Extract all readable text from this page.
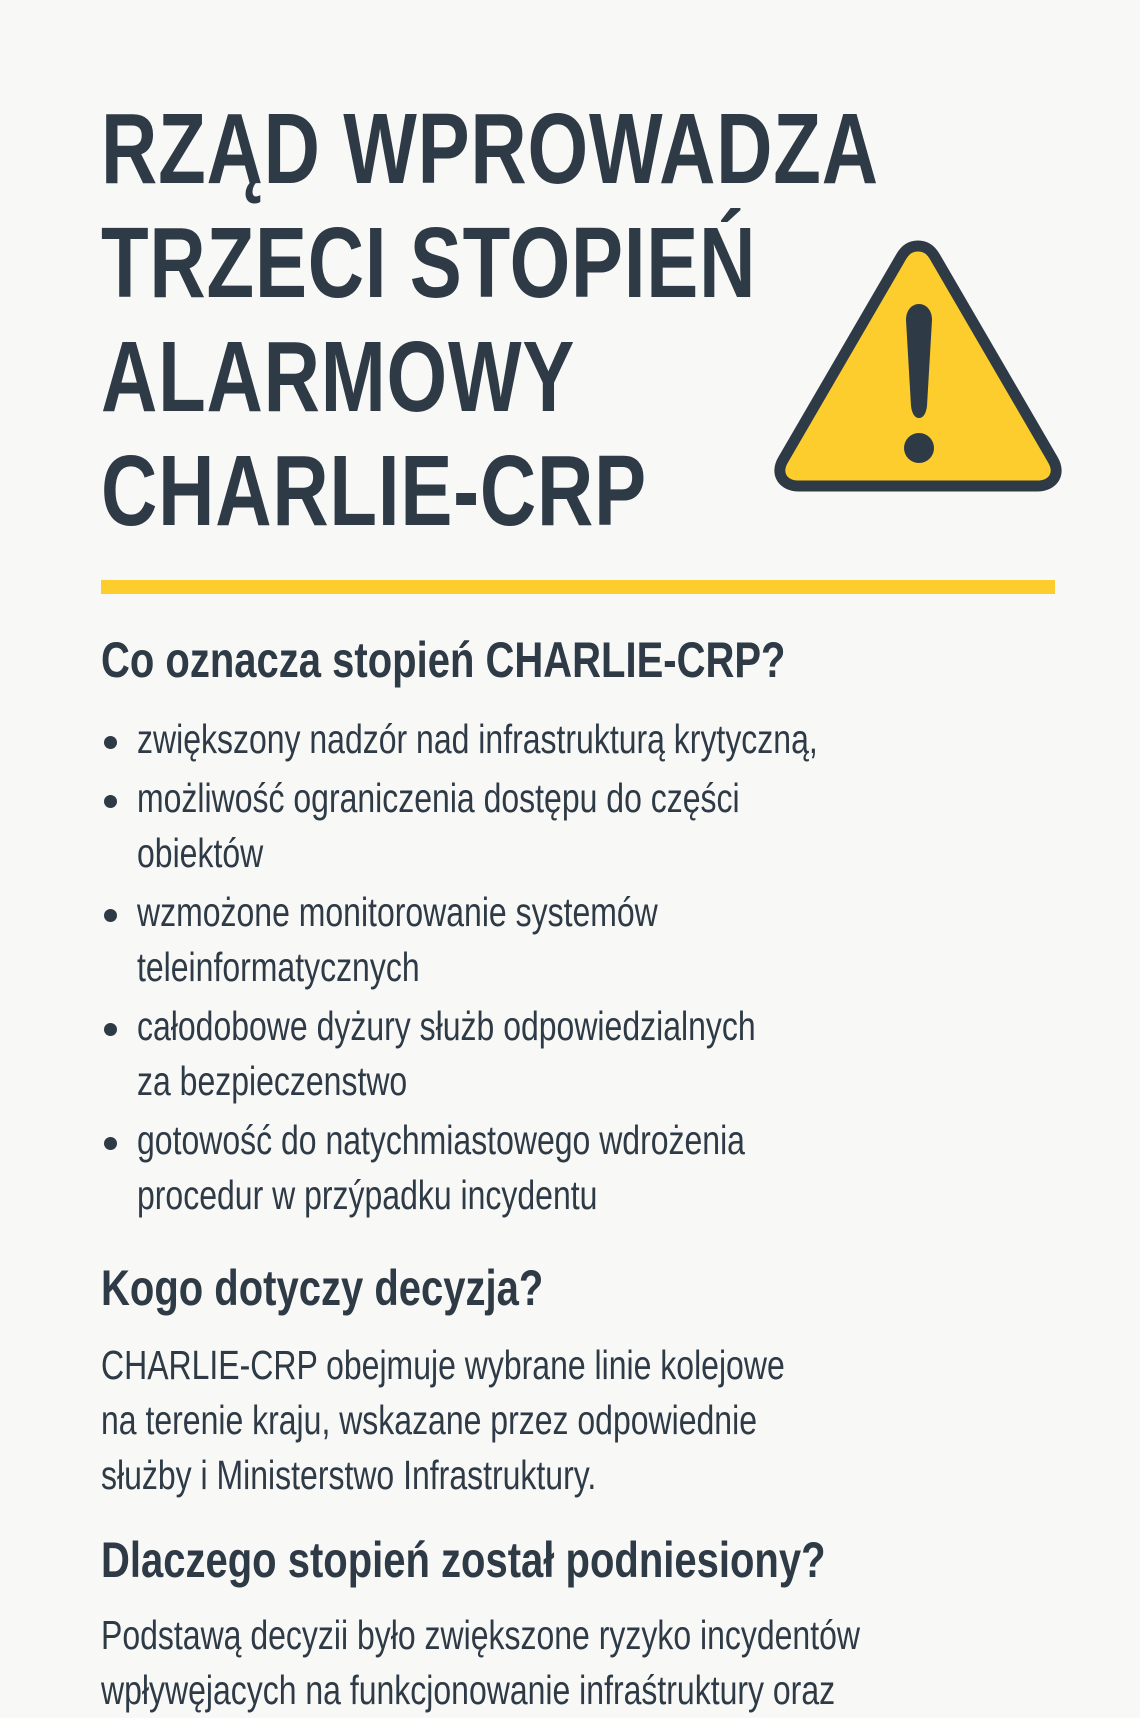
RZĄD WPROWADZA
TRZECI STOPIEŃ
ALARMOWY
CHARLIE-CRP
Co oznacza stopień CHARLIE-CRP?
zwiększony nadzór nad infrastrukturą krytyczną,
możliwość ograniczenia dostępu do części
obiektów
wzmożone monitorowanie systemów
teleinformatycznych
całodobowe dyżury służb odpowiedzialnych
za bezpieczenstwo
gotowość do natychmiastowego wdrożenia
procedur w przýpadku incydentu
Kogo dotyczy decyzja?

CHARLIE-CRP obejmuje wybrane linie kolejowe
na terenie kraju, wskazane przez odpowiednie
służby i Ministerstwo Infrastruktury.

Dlaczego stopień został podniesiony?

Podstawą decyzii było zwiększone ryzyko incydentów
wpływęjacych na funkcjonowanie infraśtruktury oraz
